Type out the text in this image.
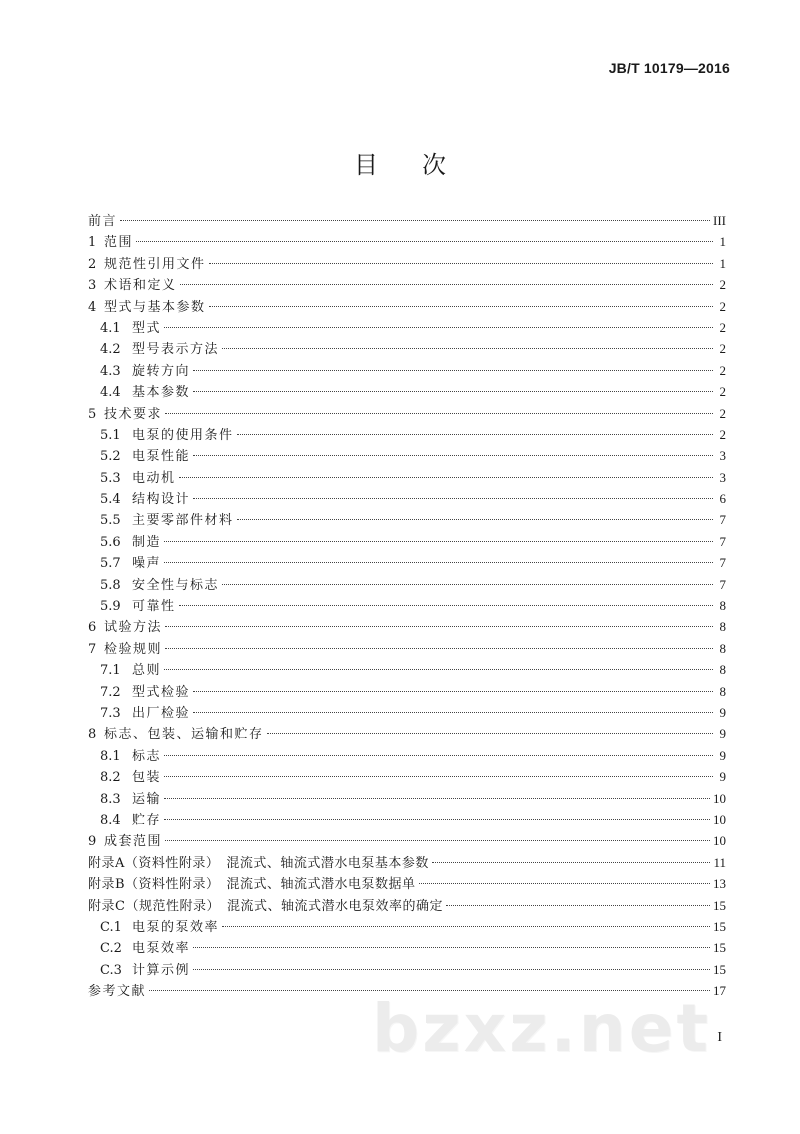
JB/T 10179—2016
目 次
前言	III
1 范围	1
2 规范性引用文件	1
3 术语和定义	2
4 型式与基本参数	2
4.1 型式	2
4.2 型号表示方法	2
4.3 旋转方向	2
4.4 基本参数	2
5 技术要求	2
5.1 电泵的使用条件	2
5.2 电泵性能	3
5.3 电动机	3
5.4 结构设计	6
5.5 主要零部件材料	7
5.6 制造	7
5.7 噪声	7
5.8 安全性与标志	7
5.9 可靠性	8
6 试验方法	8
7 检验规则	8
7.1 总则	8
7.2 型式检验	8
7.3 出厂检验	9
8 标志、包装、运输和贮存	9
8.1 标志	9
8.2 包装	9
8.3 运输	10
8.4 贮存	10
9 成套范围	10
附录A（资料性附录）　混流式、轴流式潜水电泵基本参数	11
附录B（资料性附录）　混流式、轴流式潜水电泵数据单	13
附录C（规范性附录）　混流式、轴流式潜水电泵效率的确定	15
C.1 电泵的泵效率	15
C.2 电泵效率	15
C.3 计算示例	15
参考文献	17
bzxz.net I
